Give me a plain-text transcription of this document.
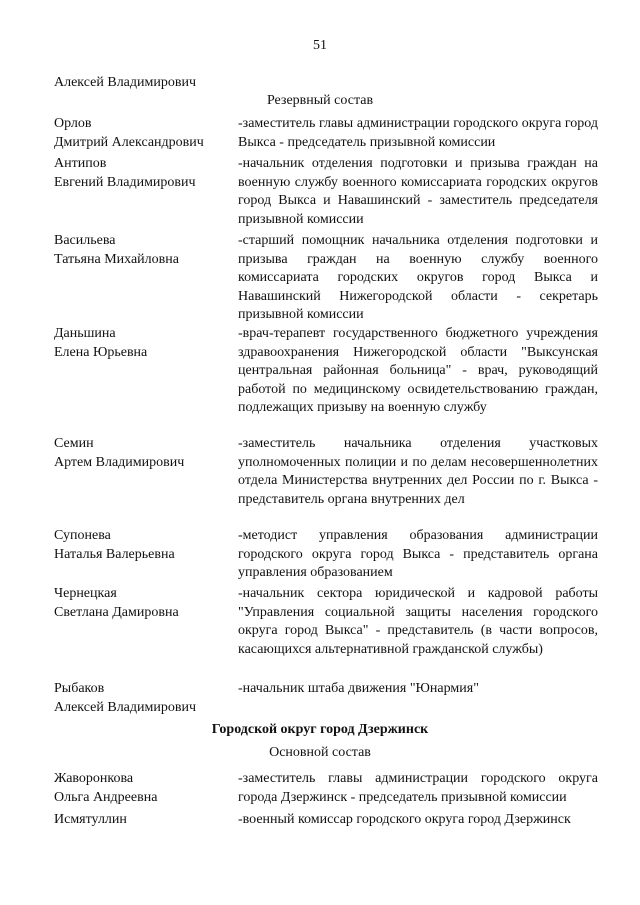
51
Алексей Владимирович
Резервный состав
Орлов
Дмитрий Александрович
-заместитель главы администрации городского округа город Выкса - председатель призывной комиссии
Антипов
Евгений Владимирович
-начальник отделения подготовки и призыва граждан на военную службу военного комиссариата городских округов город Выкса и Навашинский - заместитель председателя призывной комиссии
Васильева
Татьяна Михайловна
-старший помощник начальника отделения подготовки и призыва граждан на военную службу военного комиссариата городских округов город Выкса и Навашинский Нижегородской области - секретарь призывной комиссии
Даньшина
Елена Юрьевна
-врач-терапевт государственного бюджетного учреждения здравоохранения Нижегородской области "Выксунская центральная районная больница" - врач, руководящий работой по медицинскому освидетельствованию граждан, подлежащих призыву на военную службу
Семин
Артем Владимирович
-заместитель начальника отделения участковых уполномоченных полиции и по делам несовершеннолетних отдела Министерства внутренних дел России по г. Выкса - представитель органа внутренних дел
Супонева
Наталья Валерьевна
-методист управления образования администрации городского округа город Выкса - представитель органа управления образованием
Чернецкая
Светлана Дамировна
-начальник сектора юридической и кадровой работы "Управления социальной защиты населения городского округа город Выкса" - представитель (в части вопросов, касающихся альтернативной гражданской службы)
Рыбаков
Алексей Владимирович
-начальник штаба движения "Юнармия"
Городской округ город Дзержинск
Основной состав
Жаворонкова
Ольга Андреевна
-заместитель главы администрации городского округа города Дзержинск - председатель призывной комиссии
Исмятуллин	-военный комиссар городского округа город Дзержинск
